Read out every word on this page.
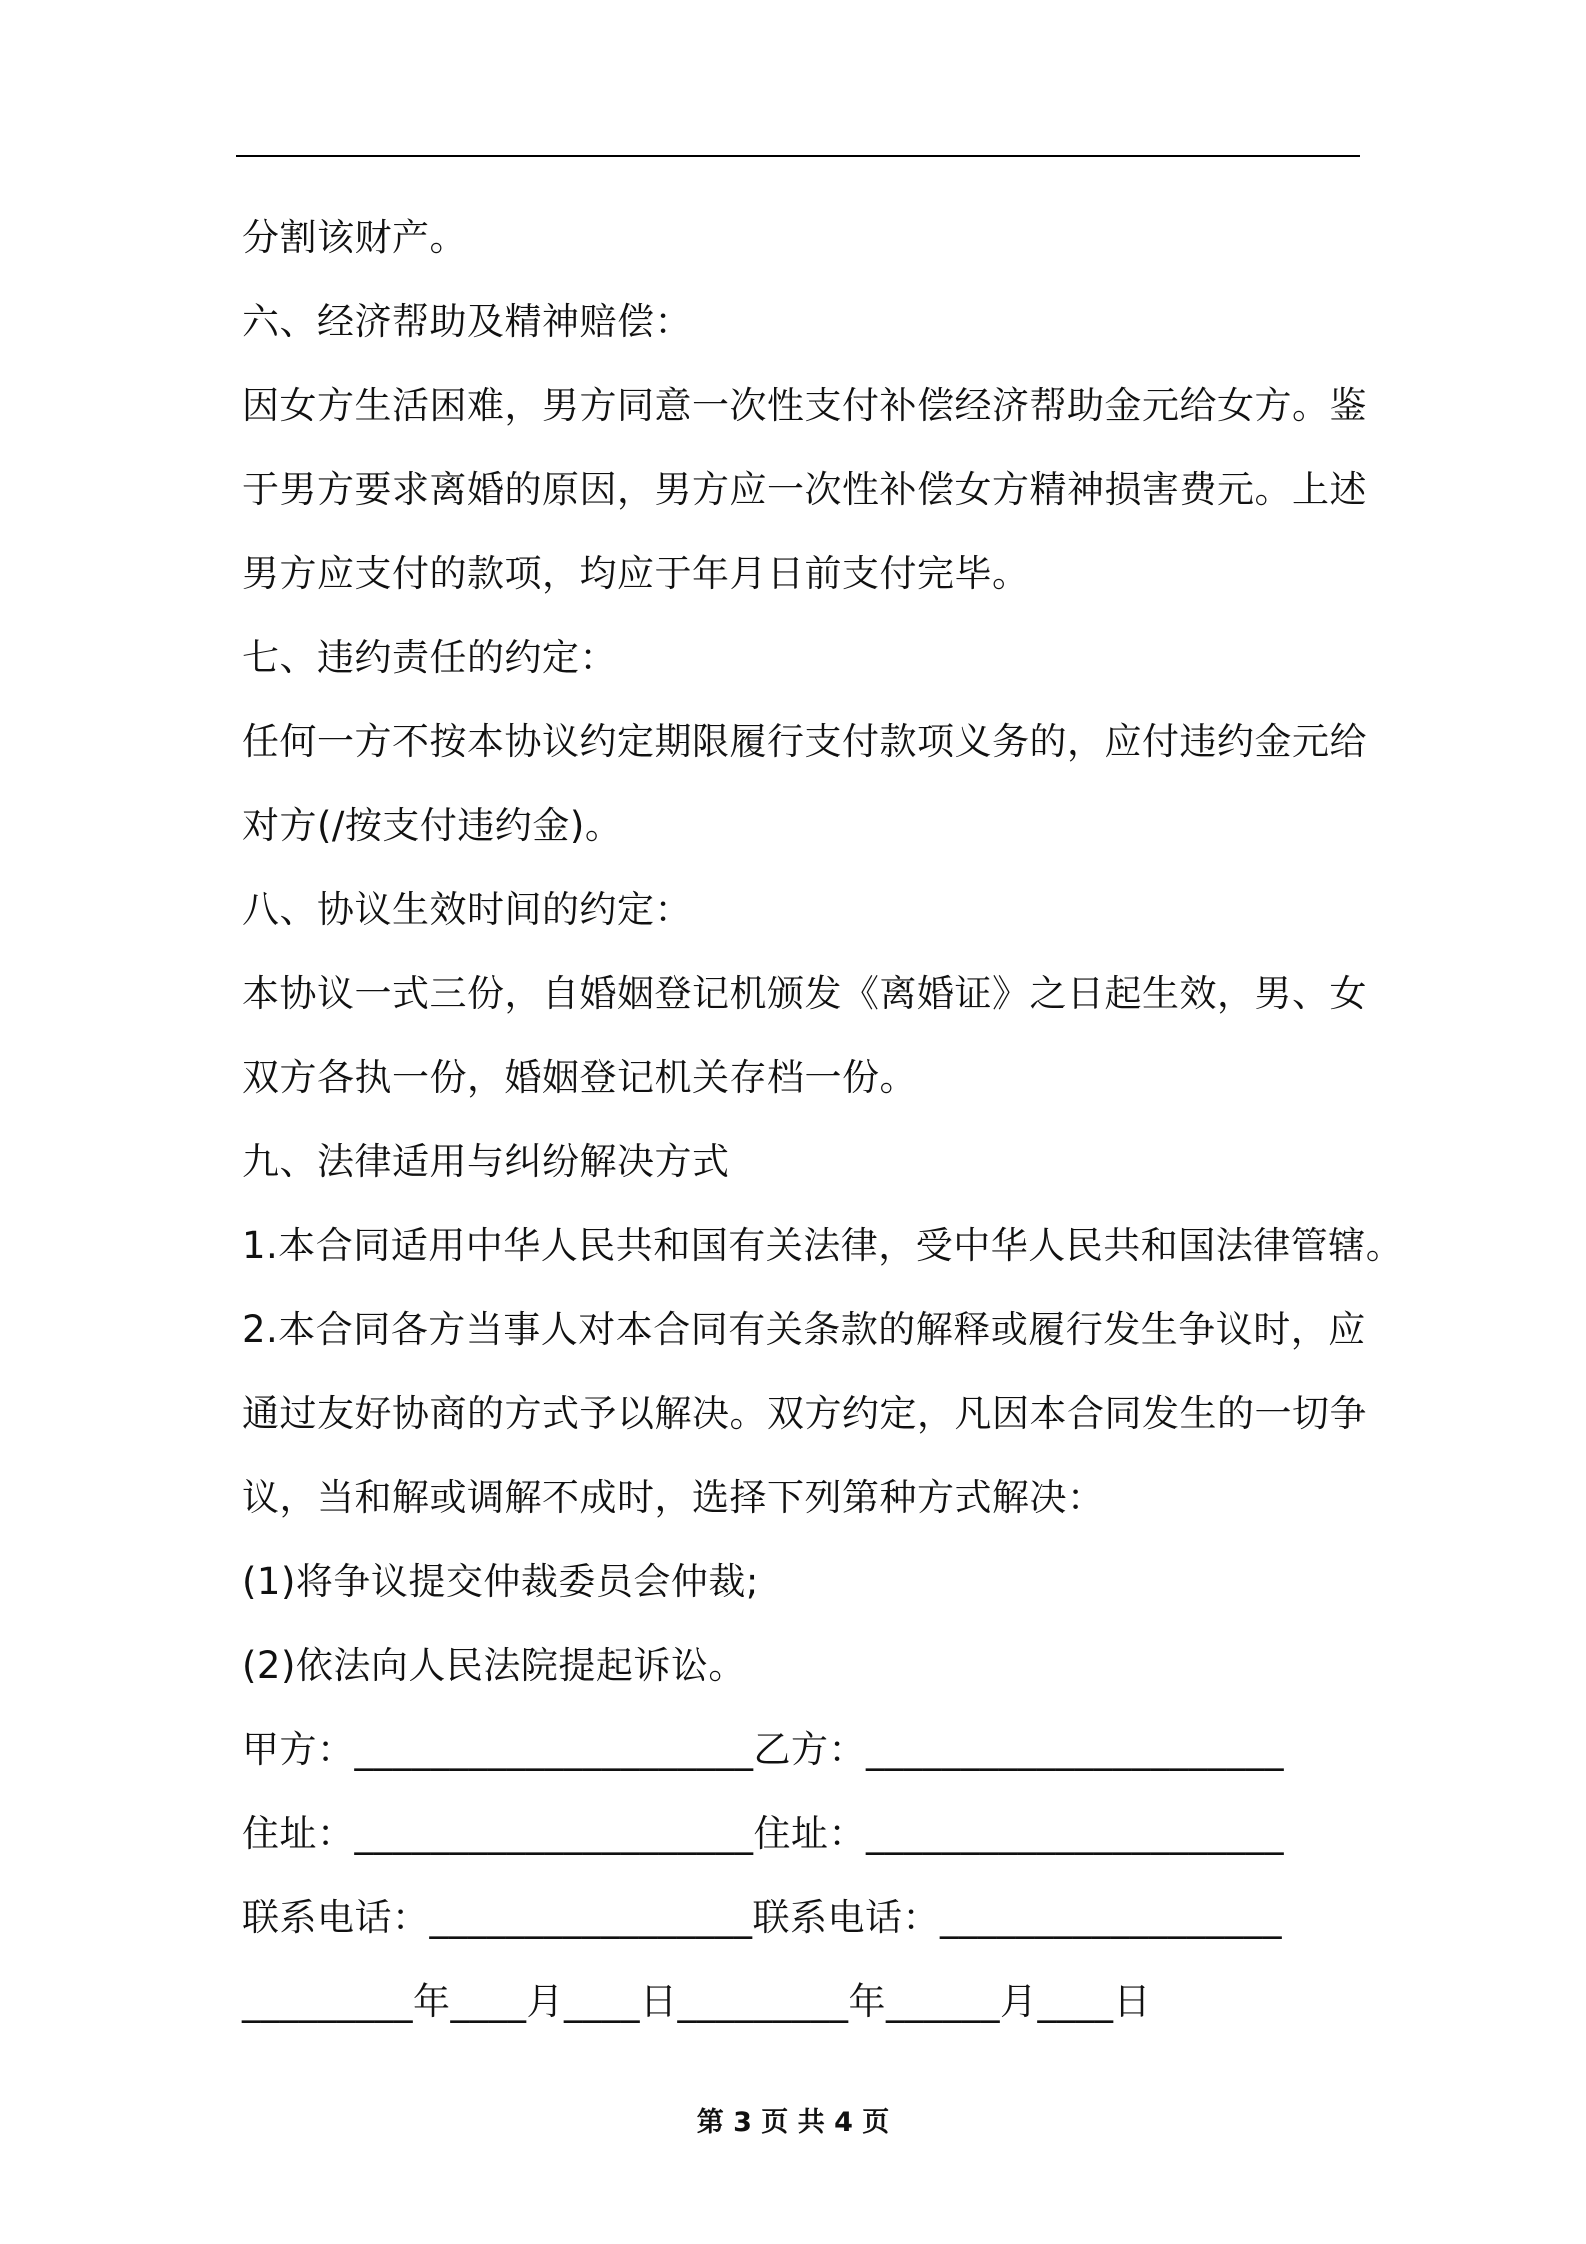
分割该财产。

六、经济帮助及精神赔偿：

因女方生活困难，男方同意一次性支付补偿经济帮助金元给女方。鉴

于男方要求离婚的原因，男方应一次性补偿女方精神损害费元。上述

男方应支付的款项，均应于年月日前支付完毕。

七、违约责任的约定：

任何一方不按本协议约定期限履行支付款项义务的，应付违约金元给

对方(/按支付违约金)。

八、协议生效时间的约定：

本协议一式三份，自婚姻登记机颁发《离婚证》之日起生效，男、女

双方各执一份，婚姻登记机关存档一份。

九、法律适用与纠纷解决方式

1.本合同适用中华人民共和国有关法律，受中华人民共和国法律管辖。

2.本合同各方当事人对本合同有关条款的解释或履行发生争议时，应

通过友好协商的方式予以解决。双方约定，凡因本合同发生的一切争

议，当和解或调解不成时，选择下列第种方式解决：

(1)将争议提交仲裁委员会仲裁;

(2)依法向人民法院提起诉讼。

甲方：_____________________乙方：______________________

住址：_____________________住址：______________________

联系电话：_________________联系电话：__________________

_________年____月____日_________年______月____日

第 3 页 共 4 页
